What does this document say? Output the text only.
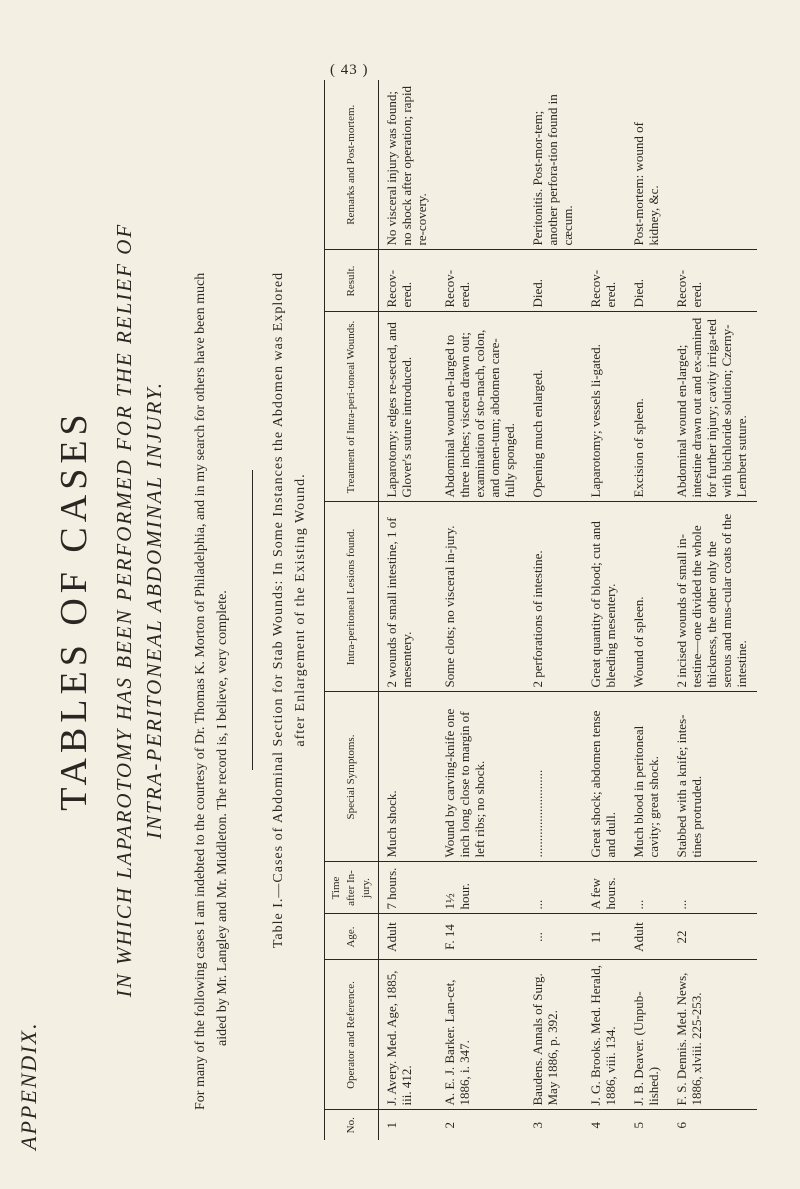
( 43 )
APPENDIX.
TABLES OF CASES IN WHICH LAPAROTOMY HAS BEEN PERFORMED FOR THE RELIEF OF INTRA-PERITONEAL ABDOMINAL INJURY. For many of the following cases I am indebted to the courtesy of Dr. Thomas K. Morton of Philadelphia, and in my search for others have been much aided by Mr. Langley and Mr. Middleton. The record is, I believe, very complete.	Table I.—Cases of Abdominal Section for Stab Wounds: In Some Instances the Abdomen was Explored after Enlargement of the Existing Wound.
No.	Operator and Reference.	Age.	Time after In-jury.	Special Symptoms.	Intra-peritoneal Lesions found.	Treatment of Intra-peri-toneal Wounds.	Result.	Remarks and Post-mortem.
1	J. Avery. Med. Age, 1885, iii. 412.	Adult	7 hours.	Much shock.	2 wounds of small intestine, 1 of mesentery.	Laparotomy; edges re-sected, and Glover's suture introduced.	Recov-ered.	No visceral injury was found; no shock after operation; rapid re-covery.
2	A. E. J. Barker. Lan-cet, 1886, i. 347.	F. 14	1½ hour.	Wound by carving-knife one inch long close to margin of left ribs; no shock.	Some clots; no visceral in-jury.	Abdominal wound en-larged to three inches; viscera drawn out; examination of sto-mach, colon, and omen-tum; abdomen care-fully sponged.	Recov-ered.	
3	Baudens. Annals of Surg. May 1886, p. 392.	...	...	...........................	2 perforations of intestine.	Opening much enlarged.	Died.	Peritonitis. Post-mor-tem; another perfora-tion found in cæcum.
4	J. G. Brooks. Med. Herald, 1886, viii. 134.	11	A few hours.	Great shock; abdomen tense and dull.	Great quantity of blood; cut and bleeding mesentery.	Laparotomy; vessels li-gated.	Recov-ered.	
5	J. B. Deaver. (Unpub-lished.)	Adult	...	Much blood in peritoneal cavity; great shock.	Wound of spleen.	Excision of spleen.	Died.	Post-mortem: wound of kidney, &c.
6	F. S. Dennis. Med. News, 1886, xlviii. 225-253.	22	...	Stabbed with a knife; intes-tines protruded.	2 incised wounds of small in-testine—one divided the whole thickness, the other only the serous and mus-cular coats of the intestine.	Abdominal wound en-larged; intestine drawn out and ex-amined for further injury; cavity irriga-ted with bichloride solution; Czerny-Lembert suture.	Recov-ered.	
